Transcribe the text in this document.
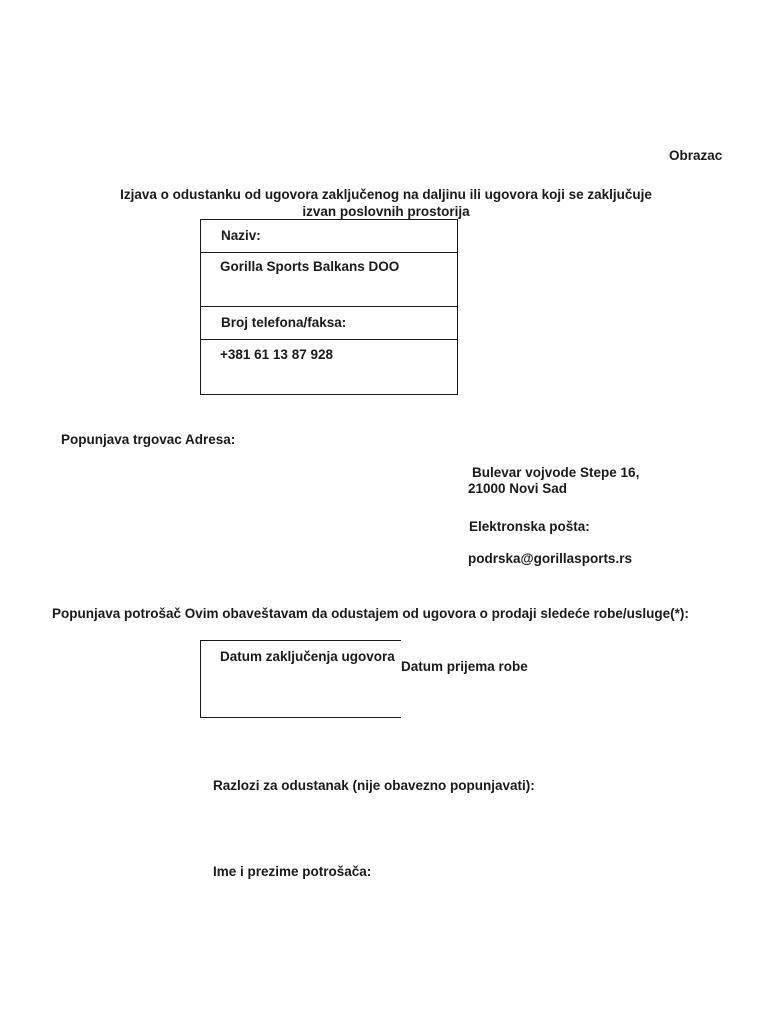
Obrazac
Izjava o odustanku od ugovora zaključenog na daljinu ili ugovora koji se zaključuje
izvan poslovnih prostorija
Naziv:
Gorilla Sports Balkans DOO
Broj telefona/faksa:
+381 61 13 87 928
Popunjava trgovac Adresa:
Bulevar vojvode Stepe 16,
21000 Novi Sad
Elektronska pošta:
podrska@gorillasports.rs
Popunjava potrošač Ovim obaveštavam da odustajem od ugovora o prodaji sledeće robe/usluge(*):
Datum zaključenja ugovora
Datum prijema robe
Razlozi za odustanak (nije obavezno popunjavati):
Ime i prezime potrošača:
